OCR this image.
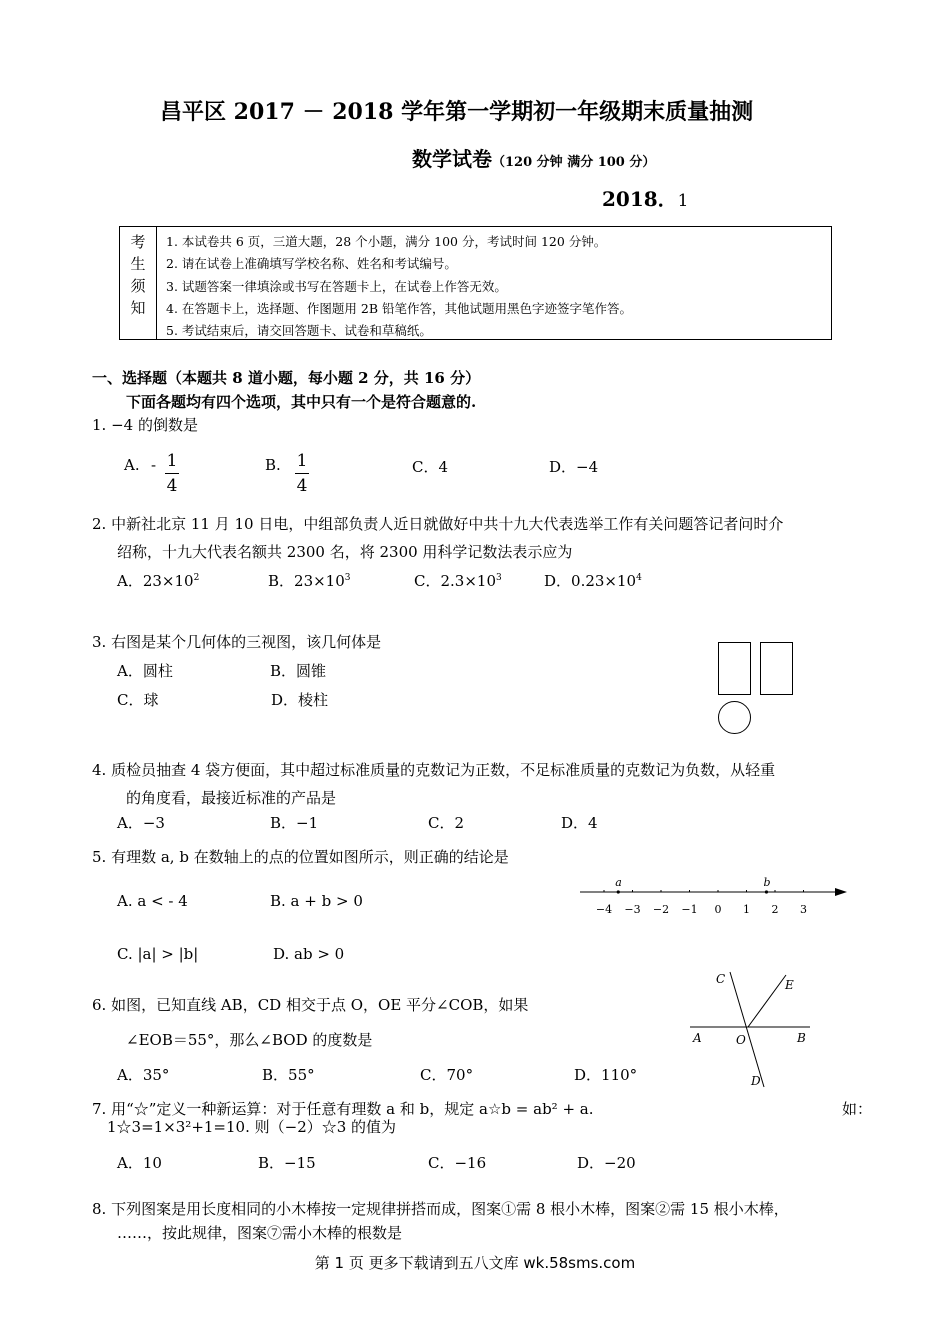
昌平区 2017 － 2018 学年第一学期初一年级期末质量抽测
数学试卷（120 分钟 满分 100 分）
2018．1
考
生
须
知
1. 本试卷共 6 页，三道大题，28 个小题，满分 100 分，考试时间 120 分钟。
2. 请在试卷上准确填写学校名称、姓名和考试编号。
3. 试题答案一律填涂或书写在答题卡上，在试卷上作答无效。
4. 在答题卡上，选择题、作图题用 2B 铅笔作答，其他试题用黑色字迹签字笔作答。
5. 考试结束后，请交回答题卡、试卷和草稿纸。
一、选择题（本题共 8 道小题，每小题 2 分，共 16 分）
下面各题均有四个选项，其中只有一个是符合题意的.
1. −4 的倒数是
A. - 1
4
B. 1
4
C．4	D．−4
2. 中新社北京 11 月 10 日电，中组部负责人近日就做好中共十九大代表选举工作有关问题答记者问时介
绍称，十九大代表名额共 2300 名，将 2300 用科学记数法表示应为
A．$23\times 10^2$	B．$23\times 10^3$	C．$2.3\times 10^3$	D．$0.23\times 10^4$
3. 右图是某个几何体的三视图，该几何体是
A．圆柱	B．圆锥
C．球	D．棱柱
4. 质检员抽查 4 袋方便面，其中超过标准质量的克数记为正数，不足标准质量的克数记为负数，从轻重
的角度看，最接近标准的产品是
A．−3	B．−1	C．2	D．4
5. 有理数 a, b 在数轴上的点的位置如图所示，则正确的结论是
A. a < - 4	B. a + b > 0
C. |a| > |b|	D. ab > 0
−4 −3 −2 −1 0 1 2 3
a	b
6. 如图，已知直线 AB，CD 相交于点 O，OE 平分∠COB，如果
∠EOB＝55°，那么∠BOD 的度数是
A．35°	B．55°	C．70°	D．110°
C	E
A	O	B
D
7. 用“☆”定义一种新运算：对于任意有理数 a 和 b，规定 a☆b = ab² + a.	如：
1☆3=1×3²+1=10. 则（−2）☆3 的值为
A．10	B．−15	C．−16	D．−20
8. 下列图案是用长度相同的小木棒按一定规律拼搭而成，图案①需 8 根小木棒，图案②需 15 根小木棒，
……，按此规律，图案⑦需小木棒的根数是
第 1 页 更多下载请到五八文库 wk.58sms.com
